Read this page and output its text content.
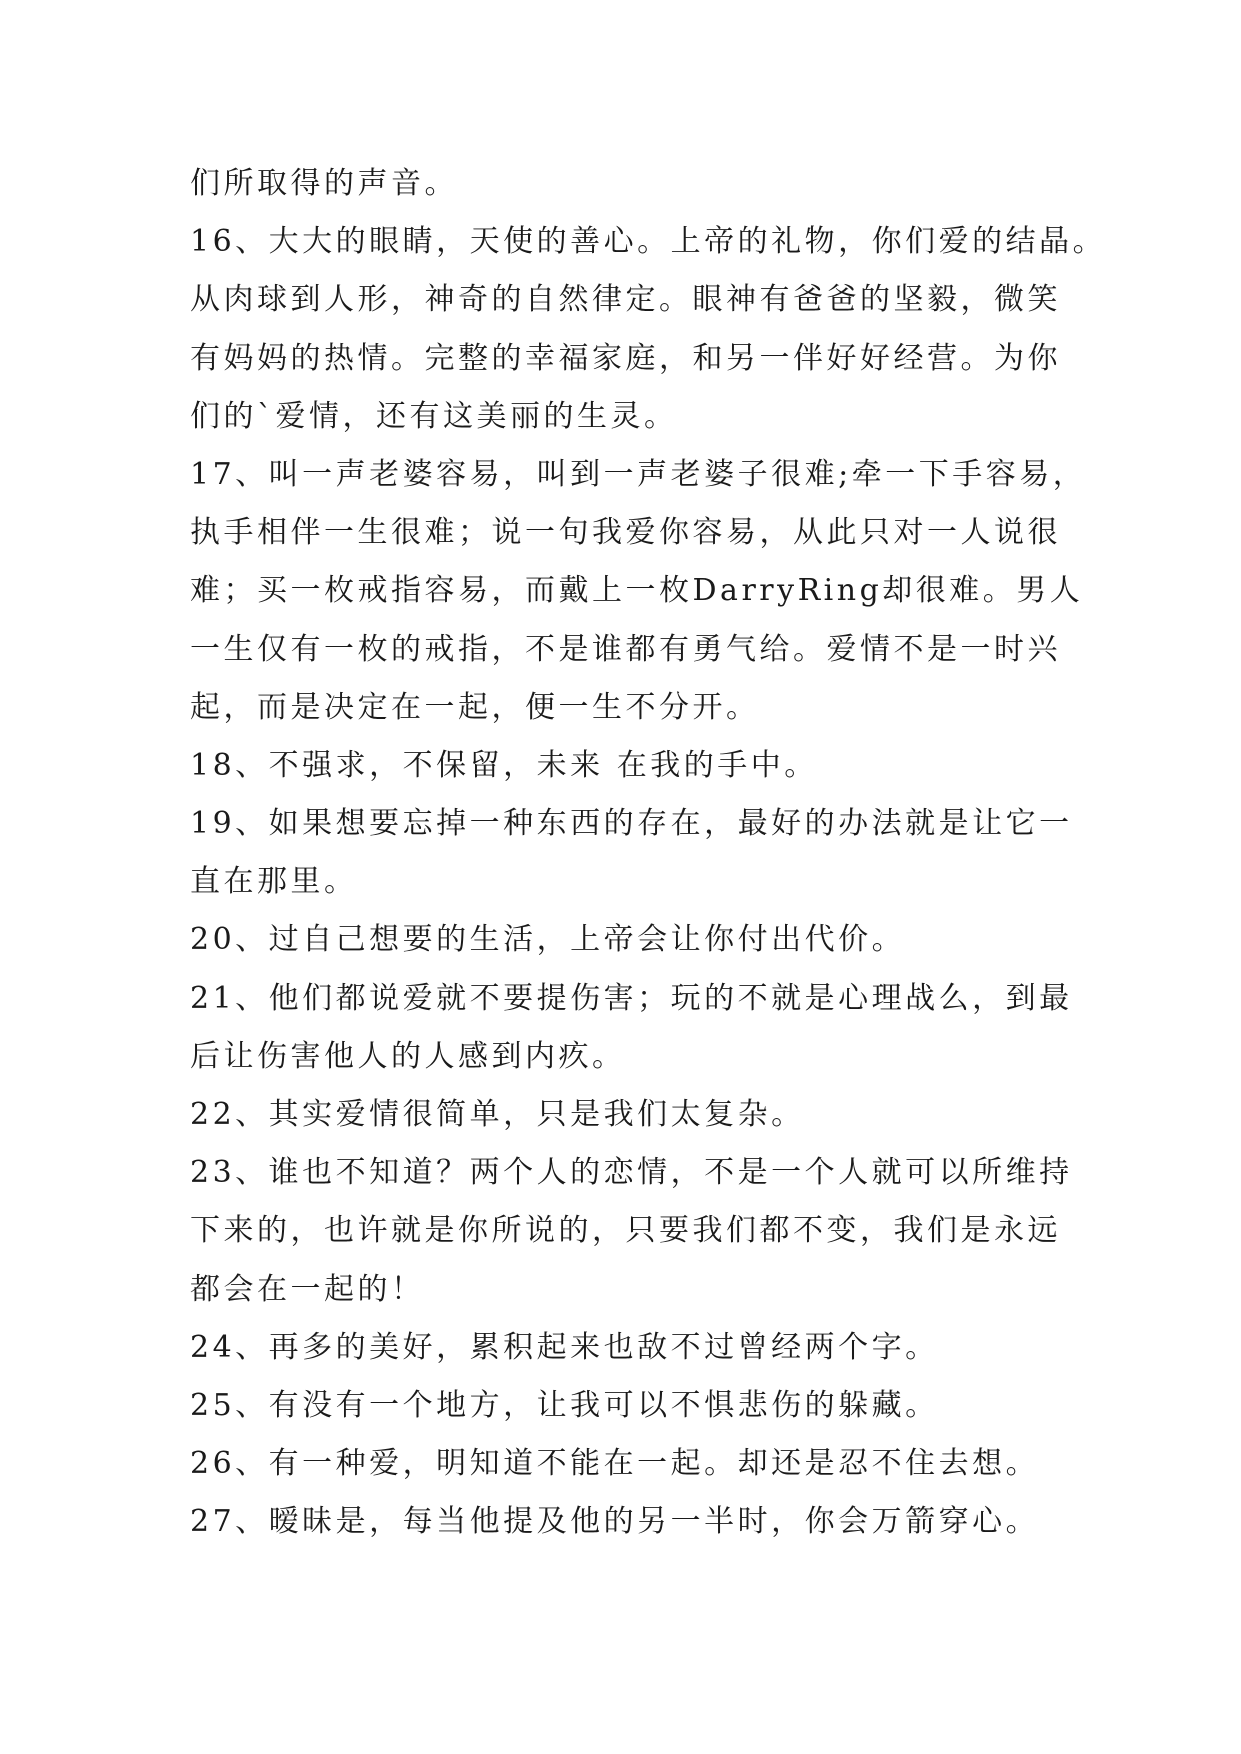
们所取得的声音。
16、大大的眼睛，天使的善心。上帝的礼物，你们爱的结晶。
从肉球到人形，神奇的自然律定。眼神有爸爸的坚毅，微笑
有妈妈的热情。完整的幸福家庭，和另一伴好好经营。为你
们的`爱情，还有这美丽的生灵。
17、叫一声老婆容易，叫到一声老婆子很难;牵一下手容易，
执手相伴一生很难；说一句我爱你容易，从此只对一人说很
难；买一枚戒指容易，而戴上一枚DarryRing却很难。男人
一生仅有一枚的戒指，不是谁都有勇气给。爱情不是一时兴
起，而是决定在一起，便一生不分开。
18、不强求，不保留，未来 在我的手中。
19、如果想要忘掉一种东西的存在，最好的办法就是让它一
直在那里。
20、过自己想要的生活，上帝会让你付出代价。
21、他们都说爱就不要提伤害；玩的不就是心理战么，到最
后让伤害他人的人感到内疚。
22、其实爱情很简单，只是我们太复杂。
23、谁也不知道？两个人的恋情，不是一个人就可以所维持
下来的，也许就是你所说的，只要我们都不变，我们是永远
都会在一起的！
24、再多的美好，累积起来也敌不过曾经两个字。
25、有没有一个地方，让我可以不惧悲伤的躲藏。
26、有一种爱，明知道不能在一起。却还是忍不住去想。
27、暧昧是，每当他提及他的另一半时，你会万箭穿心。
